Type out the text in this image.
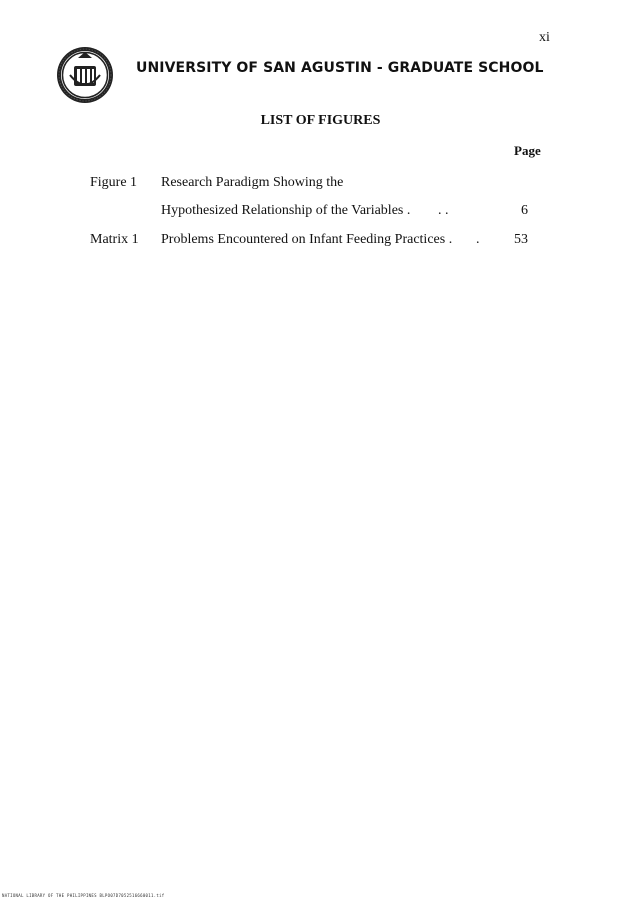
xi
UNIVERSITY OF SAN AGUSTIN - GRADUATE SCHOOL
LIST OF FIGURES
Page
Figure 1 Research Paradigm Showing the
Hypothesized Relationship of the Variables . . .	6
Matrix 1 Problems Encountered on Infant Feeding Practices . .	53
NATIONAL LIBRARY OF THE PHILIPPINES BLPO07D7052516660011.tif
